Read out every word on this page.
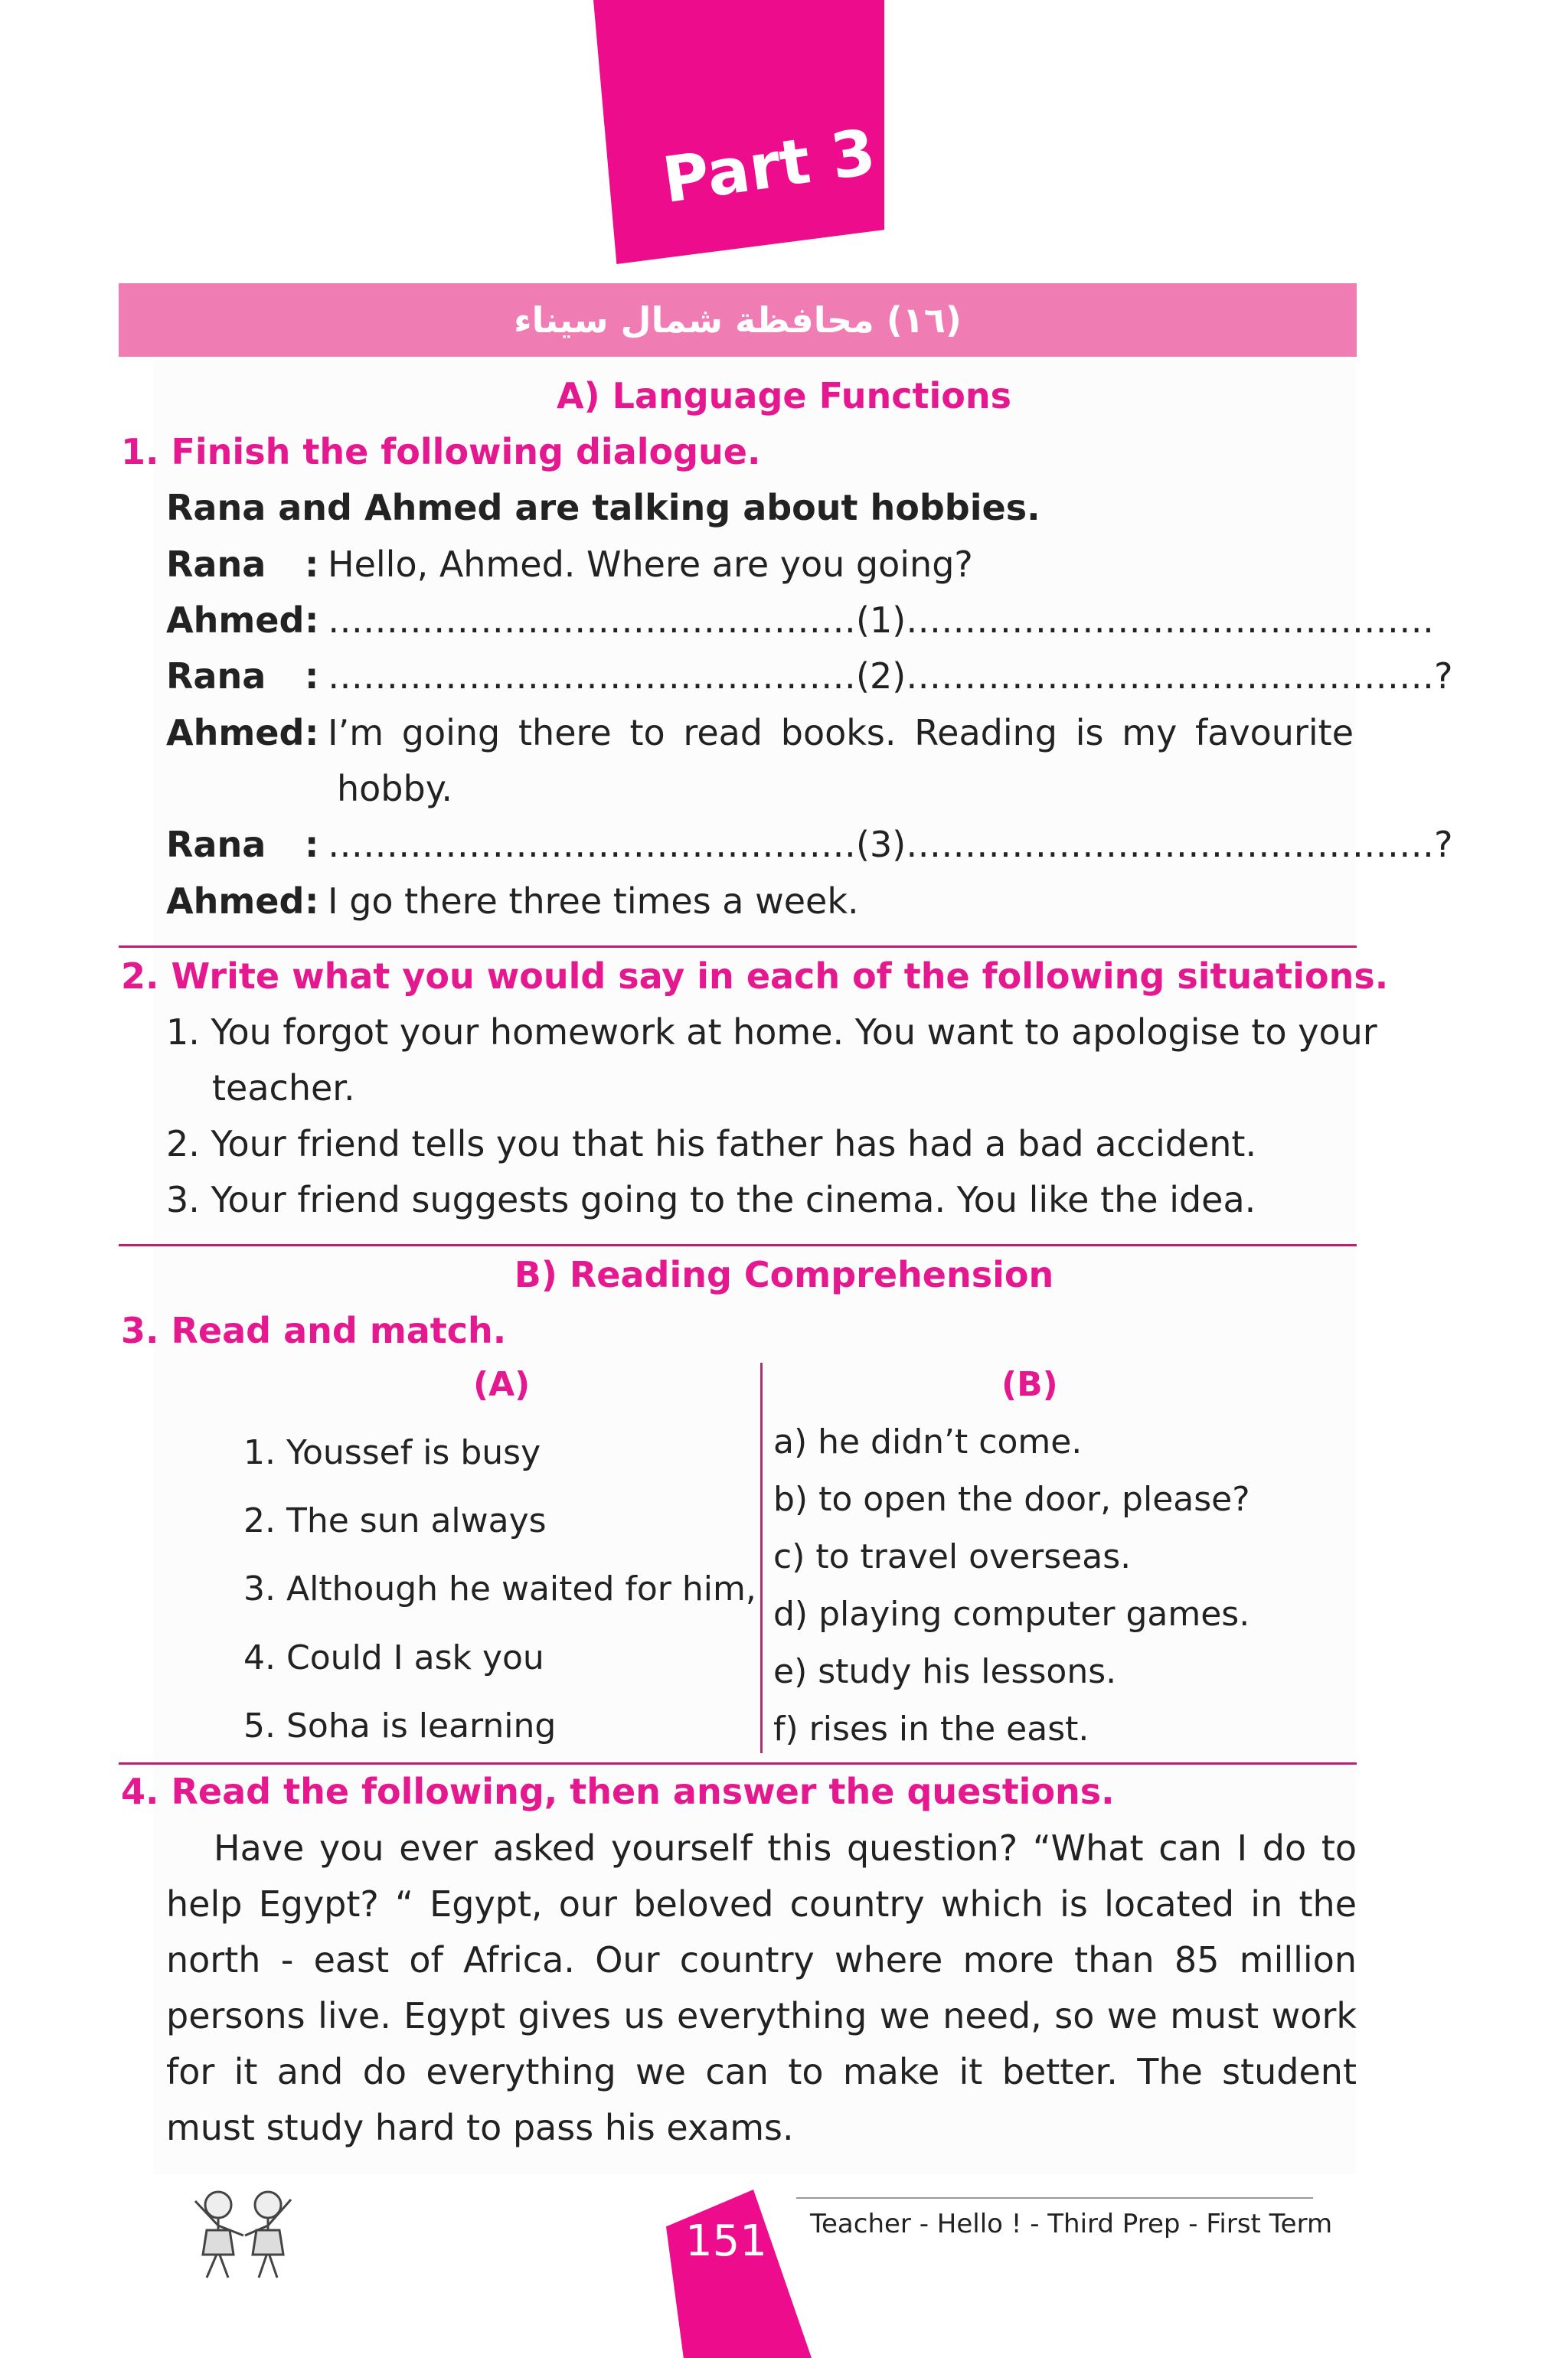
Part 3
(١٦) محافظة شمال سيناء
A) Language Functions
1. Finish the following dialogue.
Rana and Ahmed are talking about hobbies.
Rana : Hello, Ahmed. Where are you going?
Ahmed : ………………………………………(1)………………………………………
Rana : ………………………………………(2)………………………………………?
Ahmed : I’m going there to read books. Reading is my favourite
hobby.
Rana : ………………………………………(3)………………………………………?
Ahmed : I go there three times a week.
2. Write what you would say in each of the following situations.
1. You forgot your homework at home. You want to apologise to your
teacher.
2. Your friend tells you that his father has had a bad accident.
3. Your friend suggests going to the cinema. You like the idea.
B) Reading Comprehension
3. Read and match.
(A)	(B)
1. Youssef is busy
2. The sun always
3. Although he waited for him,
4. Could I ask you
5. Soha is learning
a) he didn’t come.
b) to open the door, please?
c) to travel overseas.
d) playing computer games.
e) study his lessons.
f) rises in the east.
4. Read the following, then answer the questions.
Have you ever asked yourself this question? “What can I do to help Egypt? “ Egypt, our beloved country which is located in the north - east of Africa. Our country where more than 85 million persons live. Egypt gives us everything we need, so we must work for it and do everything we can to make it better. The student must study hard to pass his exams.
151 Teacher - Hello ! - Third Prep - First Term
